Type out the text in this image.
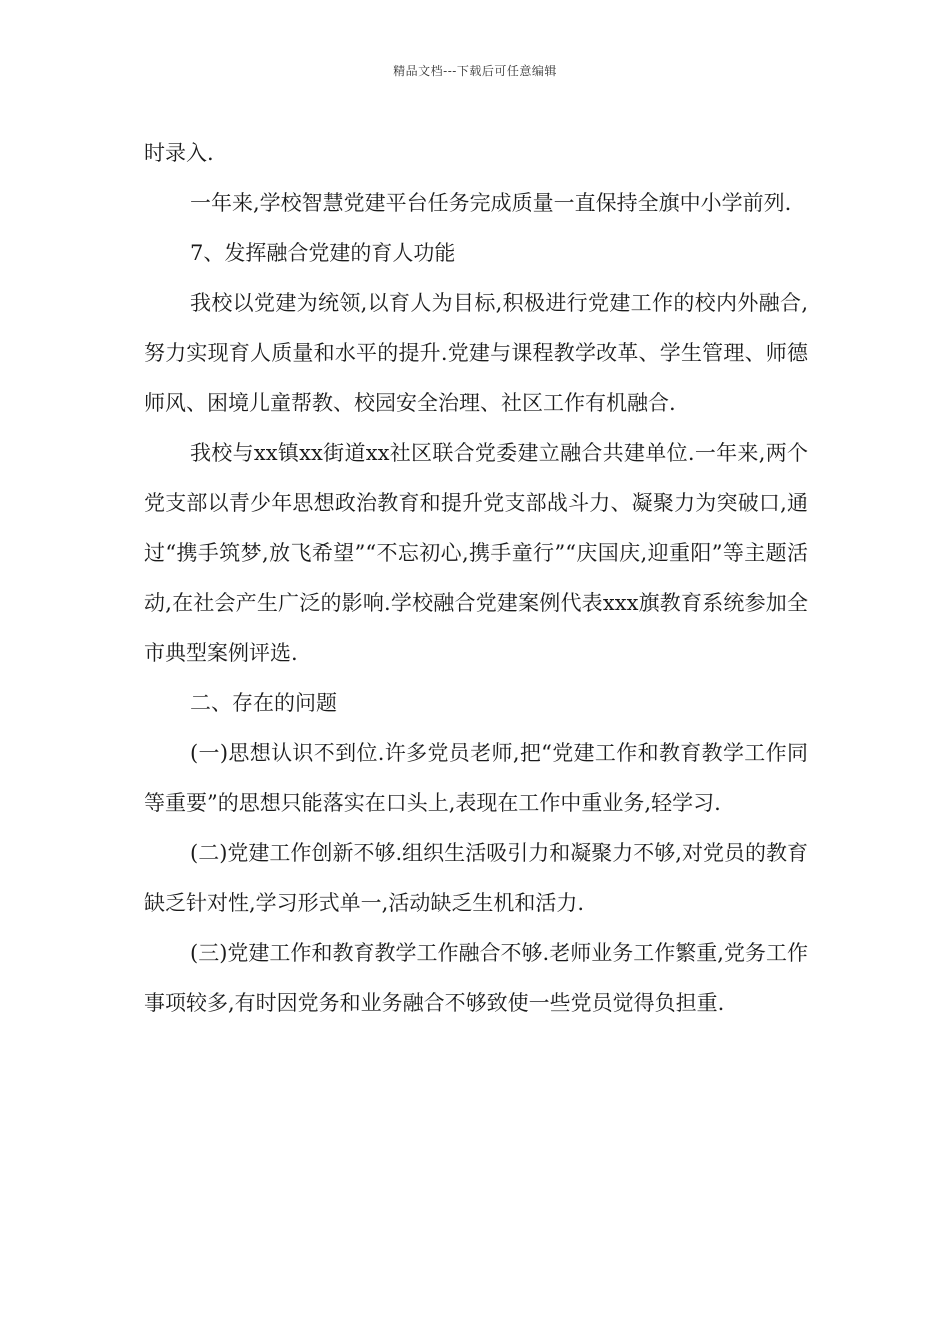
精品文档---下载后可任意编辑

时录入.

一年来,学校智慧党建平台任务完成质量一直保持全旗中小学前列.

7、发挥融合党建的育人功能

我校以党建为统领,以育人为目标,积极进行党建工作的校内外融合,努力实现育人质量和水平的提升.党建与课程教学改革、学生管理、师德师风、困境儿童帮教、校园安全治理、社区工作有机融合.

我校与xx镇xx街道xx社区联合党委建立融合共建单位.一年来,两个党支部以青少年思想政治教育和提升党支部战斗力、凝聚力为突破口,通过“携手筑梦,放飞希望”“不忘初心,携手童行”“庆国庆,迎重阳”等主题活动,在社会产生广泛的影响.学校融合党建案例代表xxx旗教育系统参加全市典型案例评选.

二、存在的问题

(一)思想认识不到位.许多党员老师,把“党建工作和教育教学工作同等重要”的思想只能落实在口头上,表现在工作中重业务,轻学习.

(二)党建工作创新不够.组织生活吸引力和凝聚力不够,对党员的教育缺乏针对性,学习形式单一,活动缺乏生机和活力.

(三)党建工作和教育教学工作融合不够.老师业务工作繁重,党务工作事项较多,有时因党务和业务融合不够致使一些党员觉得负担重.
